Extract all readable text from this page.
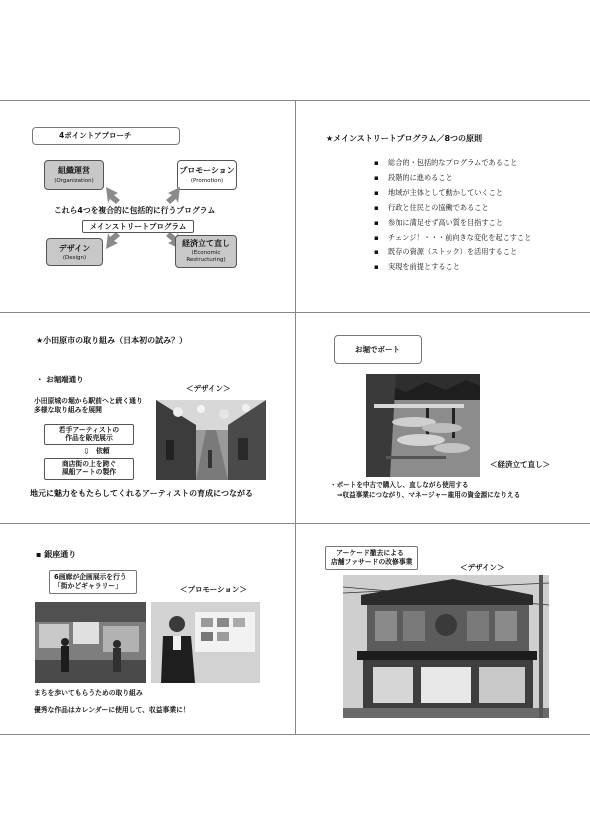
4ポイントアプローチ
組織運営
(Organization)
プロモーション
(Promotion)
これら4つを複合的に包括的に行うプログラム
メインストリートプログラム
デザイン
(Design)
経済立て直し
(Economic
Restructuring)
★メインストリートプログラム／8つの原則
▪ 総合的・包括的なプログラムであること
▪ 段階的に進めること
▪ 地域が主体として動かしていくこと
▪ 行政と住民との協働であること
▪ 参加に満足せず高い質を目指すこと
▪ チェンジ！・・・前向きな変化を起こすこと
▪ 既存の資源（ストック）を活用すること
▪ 実現を前提とすること
★小田原市の取り組み（日本初の試み？）
・ お堀端通り
＜デザイン＞
小田原城の堀から駅前へと続く通り
多様な取り組みを展開
若手アーティストの
作品を販売展示
⇩ 依頼
商店街の上を跨ぐ
風船アートの製作
地元に魅力をもたらしてくれるアーティストの育成につながる
お堀でボート
＜経済立て直し＞
・ボートを中古で購入し、直しながら使用する
⇒収益事業につながり、マネージャー雇用の資金源になりえる
▪ 銀座通り
6画廊が企画展示を行う
「街かどギャラリー」	＜プロモーション＞
まちを歩いてもらうための取り組み
優秀な作品はカレンダーに使用して、収益事業に！
アーケード撤去による
店舗ファサードの改修事業
＜デザイン＞
